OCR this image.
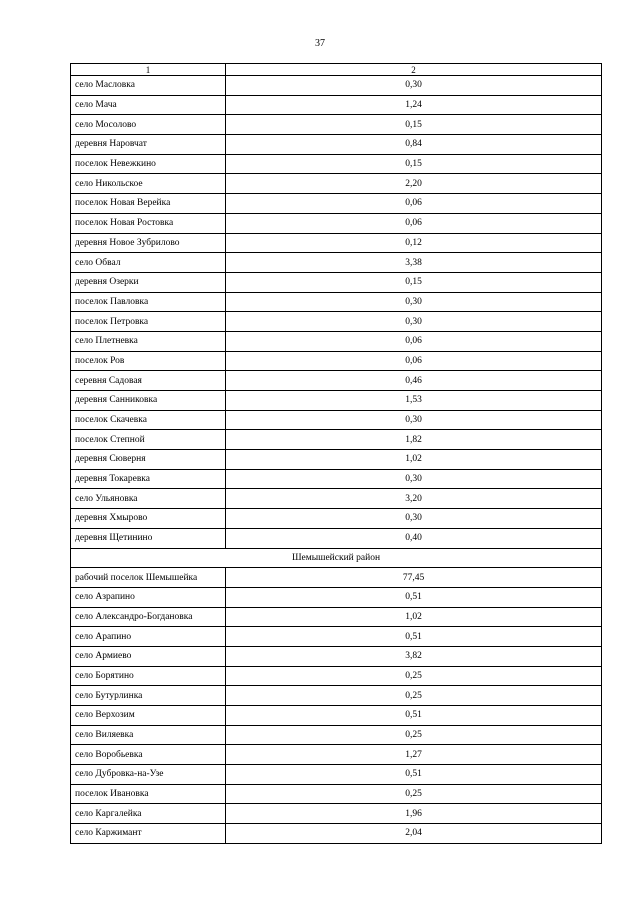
37
1	2
село Масловка	0,30
село Мача	1,24
село Мосолово	0,15
деревня Наровчат	0,84
поселок Невежкино	0,15
село Никольское	2,20
поселок Новая Верейка	0,06
поселок Новая Ростовка	0,06
деревня Новое Зубрилово	0,12
село Обвал	3,38
деревня Озерки	0,15
поселок Павловка	0,30
поселок Петровка	0,30
село Плетневка	0,06
поселок Ров	0,06
серевня Садовая	0,46
деревня Санниковка	1,53
поселок Скачевка	0,30
поселок Степной	1,82
деревня Сюверня	1,02
деревня Токаревка	0,30
село Ульяновка	3,20
деревня Хмырово	0,30
деревня Щетинино	0,40
Шемышейский район	
рабочий поселок Шемышейка	77,45
село Азрапино	0,51
село Александро-Богдановка	1,02
село Арапино	0,51
село Армиево	3,82
село Борятино	0,25
село Бутурлинка	0,25
село Верхозим	0,51
село Виляевка	0,25
село Воробьевка	1,27
село Дубровка-на-Узе	0,51
поселок Ивановка	0,25
село Каргалейка	1,96
село Каржимант	2,04
